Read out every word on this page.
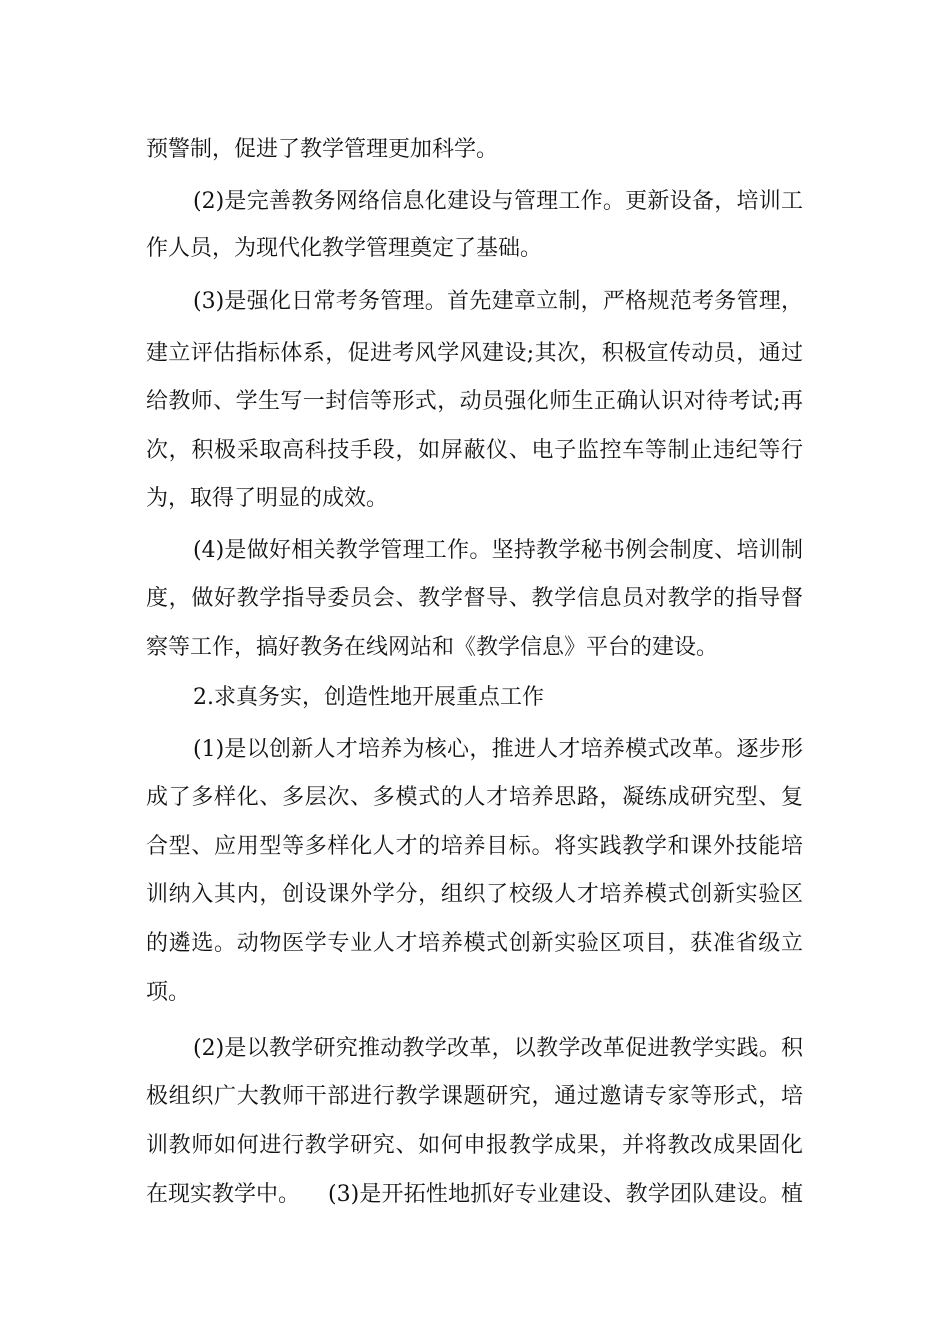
预警制，促进了教学管理更加科学。
(2)是完善教务网络信息化建设与管理工作。更新设备，培训工
作人员，为现代化教学管理奠定了基础。
(3)是强化日常考务管理。首先建章立制，严格规范考务管理，
建立评估指标体系，促进考风学风建设;其次，积极宣传动员，通过
给教师、学生写一封信等形式，动员强化师生正确认识对待考试;再
次，积极采取高科技手段，如屏蔽仪、电子监控车等制止违纪等行
为，取得了明显的成效。
(4)是做好相关教学管理工作。坚持教学秘书例会制度、培训制
度，做好教学指导委员会、教学督导、教学信息员对教学的指导督
察等工作，搞好教务在线网站和《教学信息》平台的建设。
2.求真务实，创造性地开展重点工作
(1)是以创新人才培养为核心，推进人才培养模式改革。逐步形
成了多样化、多层次、多模式的人才培养思路，凝练成研究型、复
合型、应用型等多样化人才的培养目标。将实践教学和课外技能培
训纳入其内，创设课外学分，组织了校级人才培养模式创新实验区
的遴选。动物医学专业人才培养模式创新实验区项目，获准省级立
项。
(2)是以教学研究推动教学改革，以教学改革促进教学实践。积
极组织广大教师干部进行教学课题研究，通过邀请专家等形式，培
训教师如何进行教学研究、如何申报教学成果，并将教改成果固化
在现实教学中。 (3)是开拓性地抓好专业建设、教学团队建设。植
